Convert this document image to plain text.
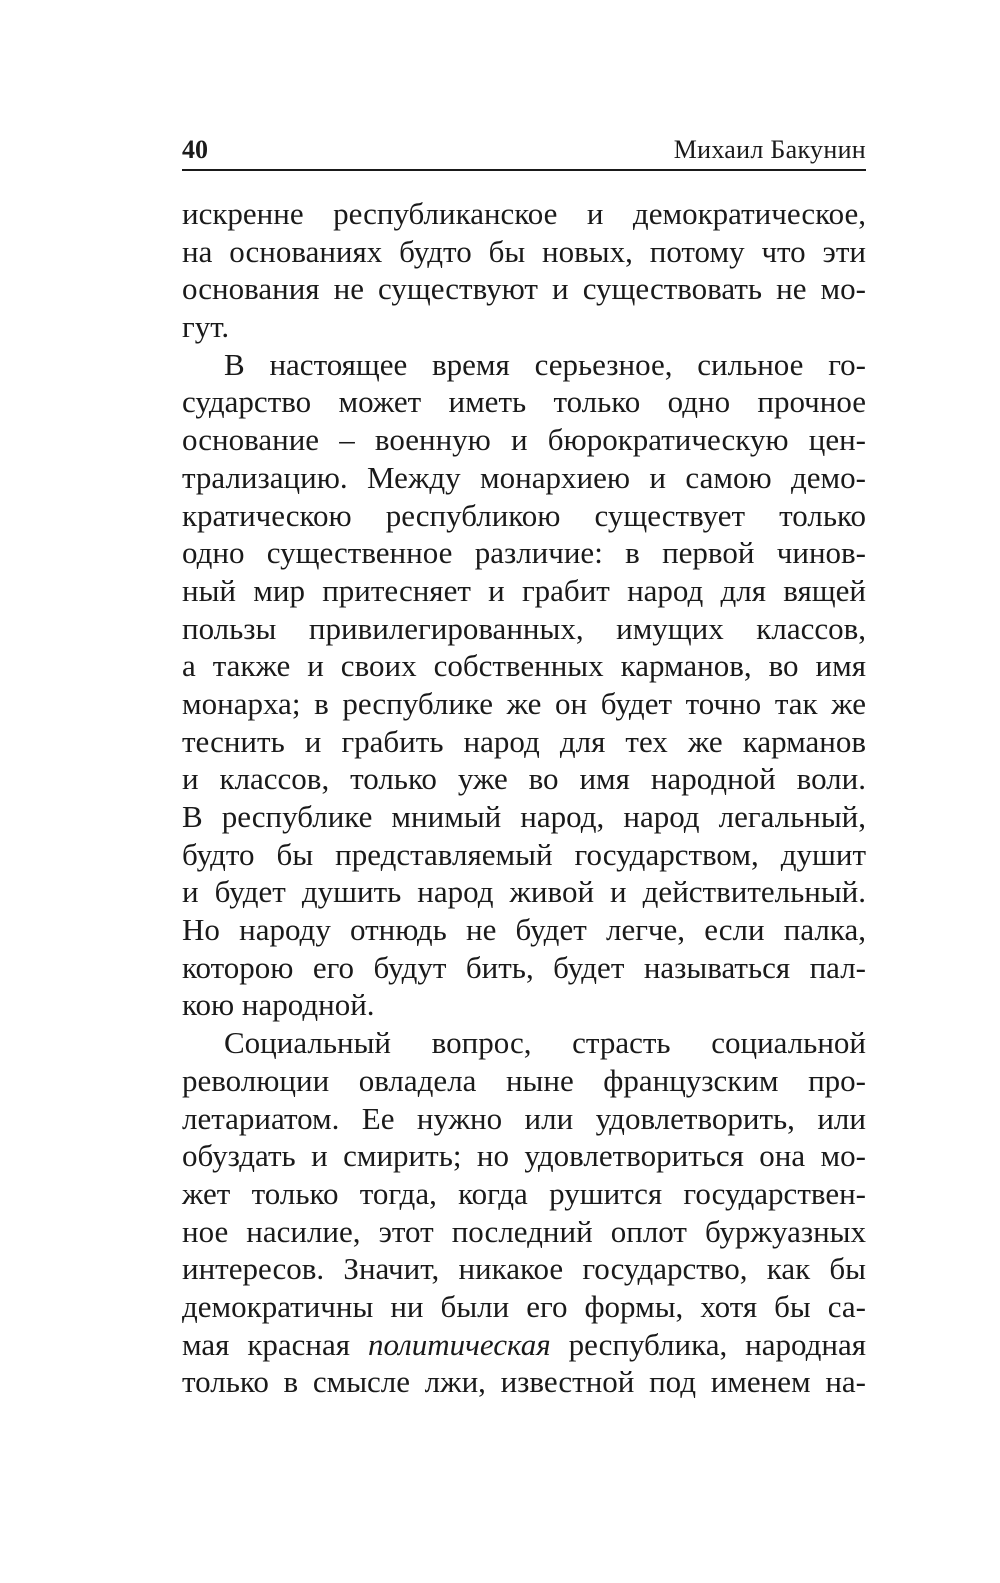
40	Михаил Бакунин
искренне республиканское и демократическое,
на основаниях будто бы новых, потому что эти
основания не существуют и существовать не мо-
гут.
В настоящее время серьезное, сильное го-
сударство может иметь только одно прочное
основание – военную и бюрократическую цен-
трализацию. Между монархиею и самою демо-
кратическою республикою существует только
одно существенное различие: в первой чинов-
ный мир притесняет и грабит народ для вящей
пользы привилегированных, имущих классов,
а также и своих собственных карманов, во имя
монарха; в республике же он будет точно так же
теснить и грабить народ для тех же карманов
и классов, только уже во имя народной воли.
В республике мнимый народ, народ легальный,
будто бы представляемый государством, душит
и будет душить народ живой и действительный.
Но народу отнюдь не будет легче, если палка,
которою его будут бить, будет называться пал-
кою народной.
Социальный вопрос, страсть социальной
революции овладела ныне французским про-
летариатом. Ее нужно или удовлетворить, или
обуздать и смирить; но удовлетвориться она мо-
жет только тогда, когда рушится государствен-
ное насилие, этот последний оплот буржуазных
интересов. Значит, никакое государство, как бы
демократичны ни были его формы, хотя бы са-
мая красная политическая республика, народная
только в смысле лжи, известной под именем на-
